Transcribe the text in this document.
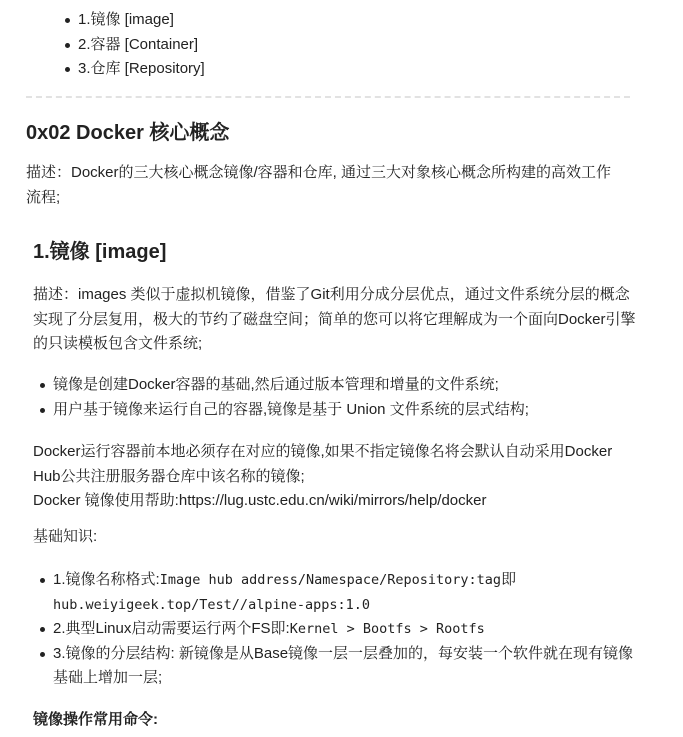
1.镜像 [image]
2.容器 [Container]
3.仓库 [Repository]
0x02 Docker 核心概念

描述：Docker的三大核心概念镜像/容器和仓库, 通过三大对象核心概念所构建的高效工作流程;

1.镜像 [image]

描述：images 类似于虚拟机镜像，借鉴了Git利用分成分层优点，通过文件系统分层的概念实现了分层复用，极大的节约了磁盘空间；简单的您可以将它理解成为一个面向Docker引擎的只读模板包含文件系统;

镜像是创建Docker容器的基础,然后通过版本管理和增量的文件系统;
用户基于镜像来运行自己的容器,镜像是基于 Union 文件系统的层式结构;

Docker运行容器前本地必须存在对应的镜像,如果不指定镜像名将会默认自动采用Docker Hub公共注册服务器仓库中该名称的镜像;

Docker 镜像使用帮助:https://lug.ustc.edu.cn/wiki/mirrors/help/docker

基础知识:

1.镜像名称格式:Image hub address/Namespace/Repository:tag即
hub.weiyigeek.top/Test//alpine-apps:1.0
2.典型Linux启动需要运行两个FS即:Kernel > Bootfs > Rootfs
3.镜像的分层结构: 新镜像是从Base镜像一层一层叠加的，每安装一个软件就在现有镜像基础上增加一层;

镜像操作常用命令:
